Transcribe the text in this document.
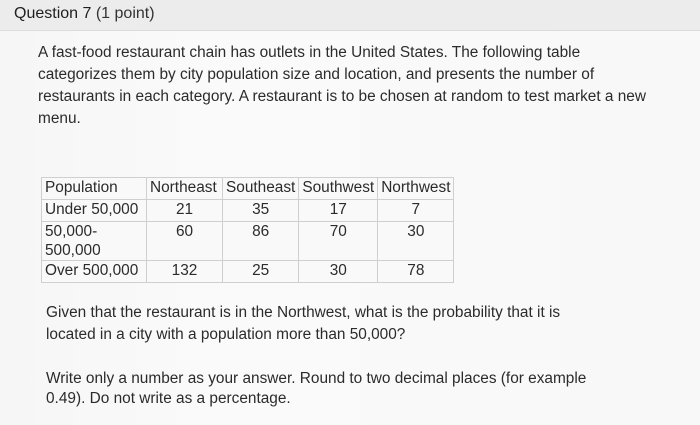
Question 7 (1 point)
A fast-food restaurant chain has outlets in the United States. The following table categorizes them by city population size and location, and presents the number of restaurants in each category. A restaurant is to be chosen at random to test market a new menu.
Population	Northeast	Southeast	Southwest	Northwest
Under 50,000	21	35	17	7
50,000-500,000	60	86	70	30
Over 500,000	132	25	30	78
Given that the restaurant is in the Northwest, what is the probability that it is located in a city with a population more than 50,000?
Write only a number as your answer. Round to two decimal places (for example 0.49). Do not write as a percentage.
